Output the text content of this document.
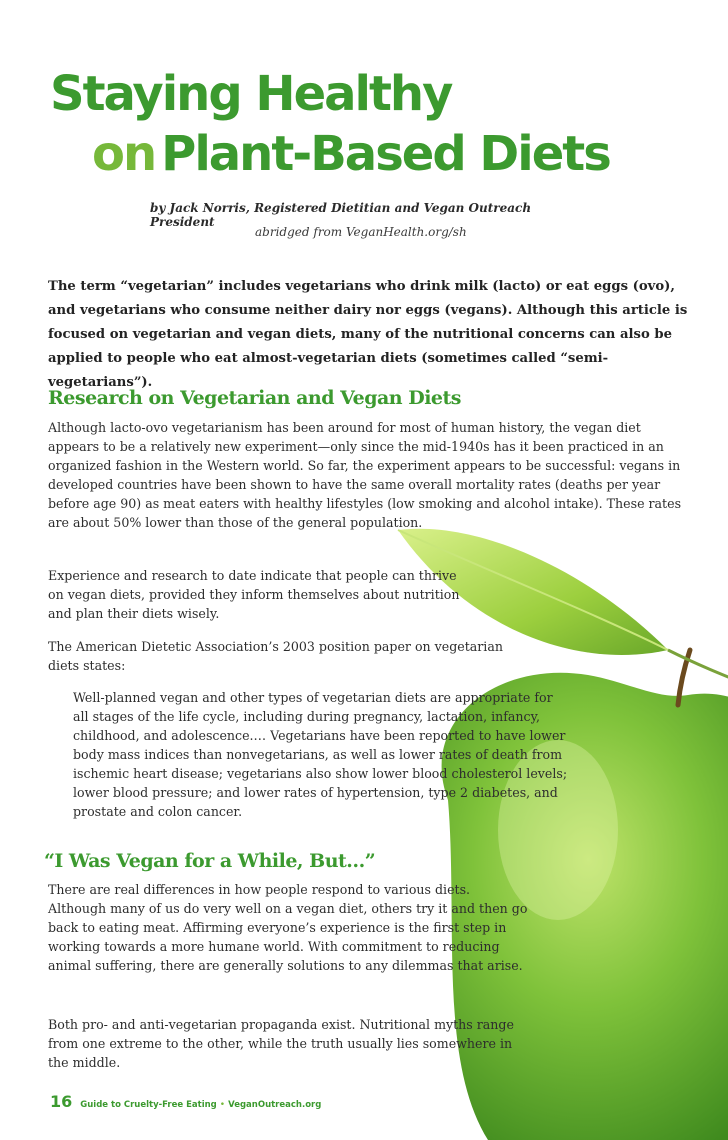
Staying Healthy
on Plant-Based Diets
by Jack Norris, Registered Dietitian and Vegan Outreach President
abridged from VeganHealth.org/sh

The term “vegetarian” includes vegetarians who drink milk (lacto) or eat eggs (ovo), and vegetarians who consume neither dairy nor eggs (vegans). Although this article is focused on vegetarian and vegan diets, many of the nutritional concerns can also be applied to people who eat almost-vegetarian diets (sometimes called “semi-vegetarians”).

Research on Vegetarian and Vegan Diets

Although lacto-ovo vegetarianism has been around for most of human history, the vegan diet appears to be a relatively new experiment—only since the mid-1940s has it been practiced in an organized fashion in the Western world. So far, the experiment appears to be successful: vegans in developed countries have been shown to have the same overall mortality rates (deaths per year before age 90) as meat eaters with healthy lifestyles (low smoking and alcohol intake). These rates are about 50% lower than those of the general population.

Experience and research to date indicate that people can thrive on vegan diets, provided they inform themselves about nutrition and plan their diets wisely.

The American Dietetic Association’s 2003 position paper on vegetarian diets states:

Well-planned vegan and other types of vegetarian diets are appropriate for all stages of the life cycle, including during pregnancy, lactation, infancy, childhood, and adolescence.… Vegetarians have been reported to have lower body mass indices than nonvegetarians, as well as lower rates of death from ischemic heart disease; vegetarians also show lower blood cholesterol levels; lower blood pressure; and lower rates of hypertension, type 2 diabetes, and prostate and colon cancer.
“I Was Vegan for a While, But…”

There are real differences in how people respond to various diets. Although many of us do very well on a vegan diet, others try it and then go back to eating meat. Affirming everyone’s experience is the first step in working towards a more humane world. With commitment to reducing animal suffering, there are generally solutions to any dilemmas that arise.

Both pro- and anti-vegetarian propaganda exist. Nutritional myths range from one extreme to the other, while the truth usually lies somewhere in the middle.

16 Guide to Cruelty-Free Eating • VeganOutreach.org
